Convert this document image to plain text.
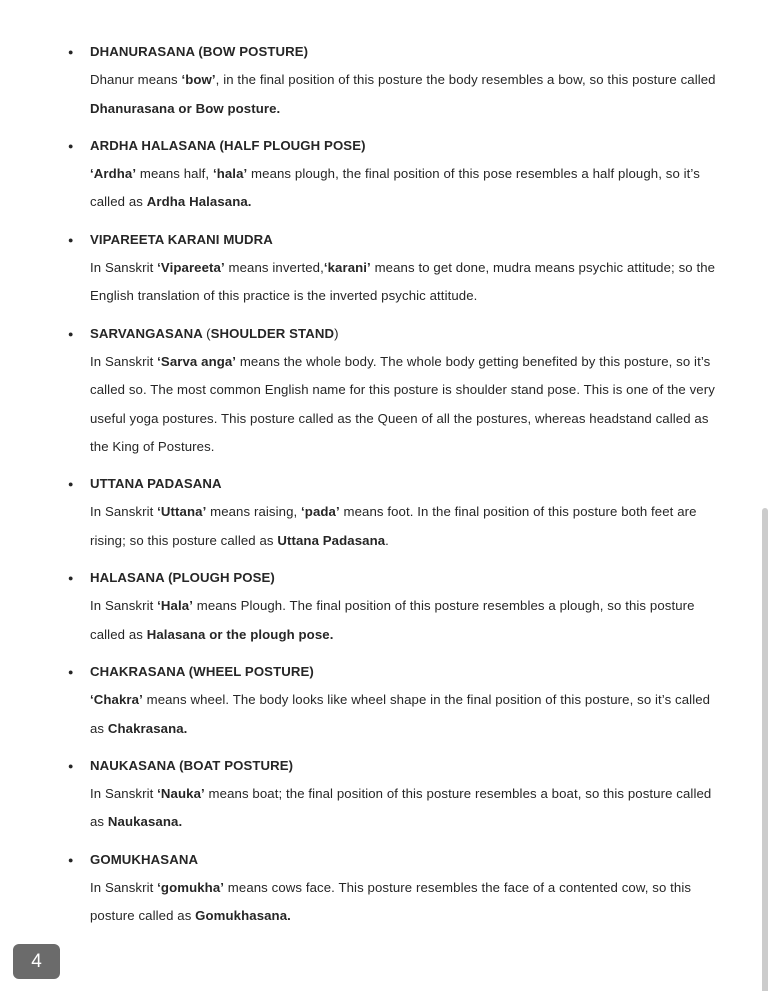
●	DHANURASANA (BOW POSTURE)
Dhanur means ‘bow’, in the final position of this posture the body resembles a bow, so this posture called Dhanurasana or Bow posture.
●	ARDHA HALASANA (HALF PLOUGH POSE)
‘Ardha’ means half, ‘hala’ means plough, the final position of this pose resembles a half plough, so it’s called as Ardha Halasana.
●	VIPAREETA KARANI MUDRA
In Sanskrit ‘Vipareeta’ means inverted,‘karani’ means to get done, mudra means psychic attitude; so the English translation of this practice is the inverted psychic attitude.
●	SARVANGASANA (SHOULDER STAND)
In Sanskrit ‘Sarva anga’ means the whole body. The whole body getting benefited by this posture, so it’s called so. The most common English name for this posture is shoulder stand pose. This is one of the very useful yoga postures. This posture called as the Queen of all the postures, whereas headstand called as the King of Postures.
●	UTTANA PADASANA
In Sanskrit ‘Uttana’ means raising, ‘pada’ means foot. In the final position of this posture both feet are rising; so this posture called as Uttana Padasana.
●	HALASANA (PLOUGH POSE)
In Sanskrit ‘Hala’ means Plough. The final position of this posture resembles a plough, so this posture called as Halasana or the plough pose.
●	CHAKRASANA (WHEEL POSTURE)
‘Chakra’ means wheel. The body looks like wheel shape in the final position of this posture, so it’s called as Chakrasana.
●	NAUKASANA (BOAT POSTURE)
In Sanskrit ‘Nauka’ means boat; the final position of this posture resembles a boat, so this posture called as Naukasana.
●	GOMUKHASANA
In Sanskrit ‘gomukha’ means cows face. This posture resembles the face of a contented cow, so this posture called as Gomukhasana.
4
